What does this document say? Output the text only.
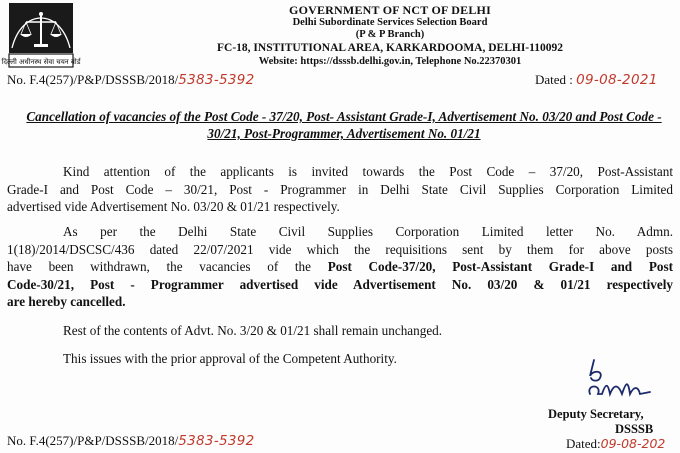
दिल्ली अधीनस्थ सेवा चयन बोर्ड
GOVERNMENT OF NCT OF DELHI
Delhi Subordinate Services Selection Board
(P & P Branch)
FC-18, INSTITUTIONAL AREA, KARKARDOOMA, DELHI-110092
Website: https://dsssb.delhi.gov.in, Telephone No.22370301
No. F.4(257)/P&P/DSSSB/2018/5383-5392	Dated : 09-08-2021
Cancellation of vacancies of the Post Code - 37/20, Post- Assistant Grade-I, Advertisement No. 03/20 and Post Code - 30/21, Post-Programmer, Advertisement No. 01/21
Kind attention of the applicants is invited towards the Post Code – 37/20, Post-Assistant
Grade-I and Post Code – 30/21, Post - Programmer in Delhi State Civil Supplies Corporation Limited
advertised vide Advertisement No. 03/20 & 01/21 respectively.
As per the Delhi State Civil Supplies Corporation Limited letter No. Admn.
1(18)/2014/DSCSC/436 dated 22/07/2021 vide which the requisitions sent by them for above posts
have been withdrawn, the vacancies of the Post Code-37/20, Post-Assistant Grade-I and Post
Code-30/21, Post - Programmer advertised vide Advertisement No. 03/20 & 01/21 respectively
are hereby cancelled.
Rest of the contents of Advt. No. 3/20 & 01/21 shall remain unchanged.
This issues with the prior approval of the Competent Authority.
Deputy Secretary,
DSSSB
No. F.4(257)/P&P/DSSSB/2018/5383-5392	Dated:09-08-202
